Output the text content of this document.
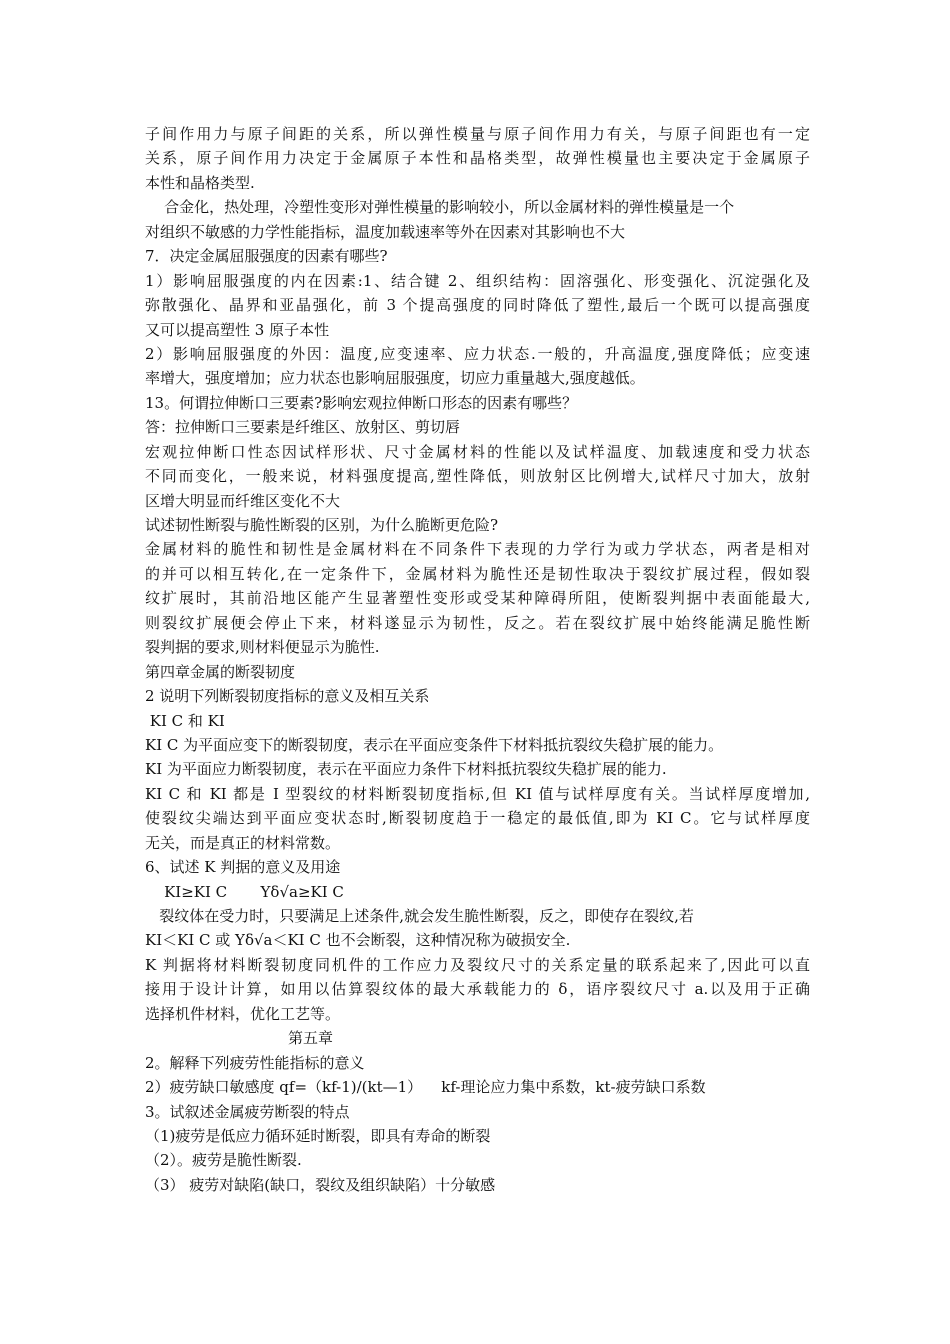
子间作用力与原子间距的关系，所以弹性模量与原子间作用力有关，与原子间距也有一定
关系，原子间作用力决定于金属原子本性和晶格类型，故弹性模量也主要决定于金属原子
本性和晶格类型.
合金化，热处理，冷塑性变形对弹性模量的影响较小，所以金属材料的弹性模量是一个
对组织不敏感的力学性能指标，温度加载速率等外在因素对其影响也不大
7．决定金属屈服强度的因素有哪些?
1）影响屈服强度的内在因素:1、结合键 2、组织结构：固溶强化、形变强化、沉淀强化及
弥散强化、晶界和亚晶强化，前 3 个提高强度的同时降低了塑性,最后一个既可以提高强度
又可以提高塑性 3 原子本性
2）影响屈服强度的外因：温度,应变速率、应力状态.一般的，升高温度,强度降低；应变速
率增大，强度增加；应力状态也影响屈服强度，切应力重量越大,强度越低。
13。何谓拉伸断口三要素?影响宏观拉伸断口形态的因素有哪些？
答：拉伸断口三要素是纤维区、放射区、剪切唇
宏观拉伸断口性态因试样形状、尺寸金属材料的性能以及试样温度、加载速度和受力状态
不同而变化，一般来说，材料强度提高,塑性降低，则放射区比例增大,试样尺寸加大，放射
区增大明显而纤维区变化不大
试述韧性断裂与脆性断裂的区别，为什么脆断更危险?
金属材料的脆性和韧性是金属材料在不同条件下表现的力学行为或力学状态，两者是相对
的并可以相互转化,在一定条件下，金属材料为脆性还是韧性取决于裂纹扩展过程，假如裂
纹扩展时，其前沿地区能产生显著塑性变形或受某种障碍所阻，使断裂判据中表面能最大,
则裂纹扩展便会停止下来，材料遂显示为韧性，反之。若在裂纹扩展中始终能满足脆性断
裂判据的要求,则材料便显示为脆性.
第四章金属的断裂韧度
2 说明下列断裂韧度指标的意义及相互关系
KI C 和 KI
KI C 为平面应变下的断裂韧度，表示在平面应变条件下材料抵抗裂纹失稳扩展的能力。
KI 为平面应力断裂韧度，表示在平面应力条件下材料抵抗裂纹失稳扩展的能力.
KI C 和 KI 都是 I 型裂纹的材料断裂韧度指标,但 KI 值与试样厚度有关。当试样厚度增加,
使裂纹尖端达到平面应变状态时,断裂韧度趋于一稳定的最低值,即为 KI C。它与试样厚度
无关，而是真正的材料常数。
6、试述 K 判据的意义及用途
KI≥KI C       Yδ√a≥KI C
裂纹体在受力时，只要满足上述条件,就会发生脆性断裂，反之，即使存在裂纹,若
KI＜KI C 或 Yδ√a＜KI C 也不会断裂，这种情况称为破损安全.
K 判据将材料断裂韧度同机件的工作应力及裂纹尺寸的关系定量的联系起来了,因此可以直
接用于设计计算，如用以估算裂纹体的最大承载能力的 δ，语序裂纹尺寸 a.以及用于正确
选择机件材料，优化工艺等。
第五章
2。解释下列疲劳性能指标的意义
2）疲劳缺口敏感度 qf=（kf-1)/(kt—1）    kf-理论应力集中系数，kt-疲劳缺口系数
3。试叙述金属疲劳断裂的特点
（1)疲劳是低应力循环延时断裂，即具有寿命的断裂
（2）。疲劳是脆性断裂.
（3） 疲劳对缺陷(缺口，裂纹及组织缺陷）十分敏感
